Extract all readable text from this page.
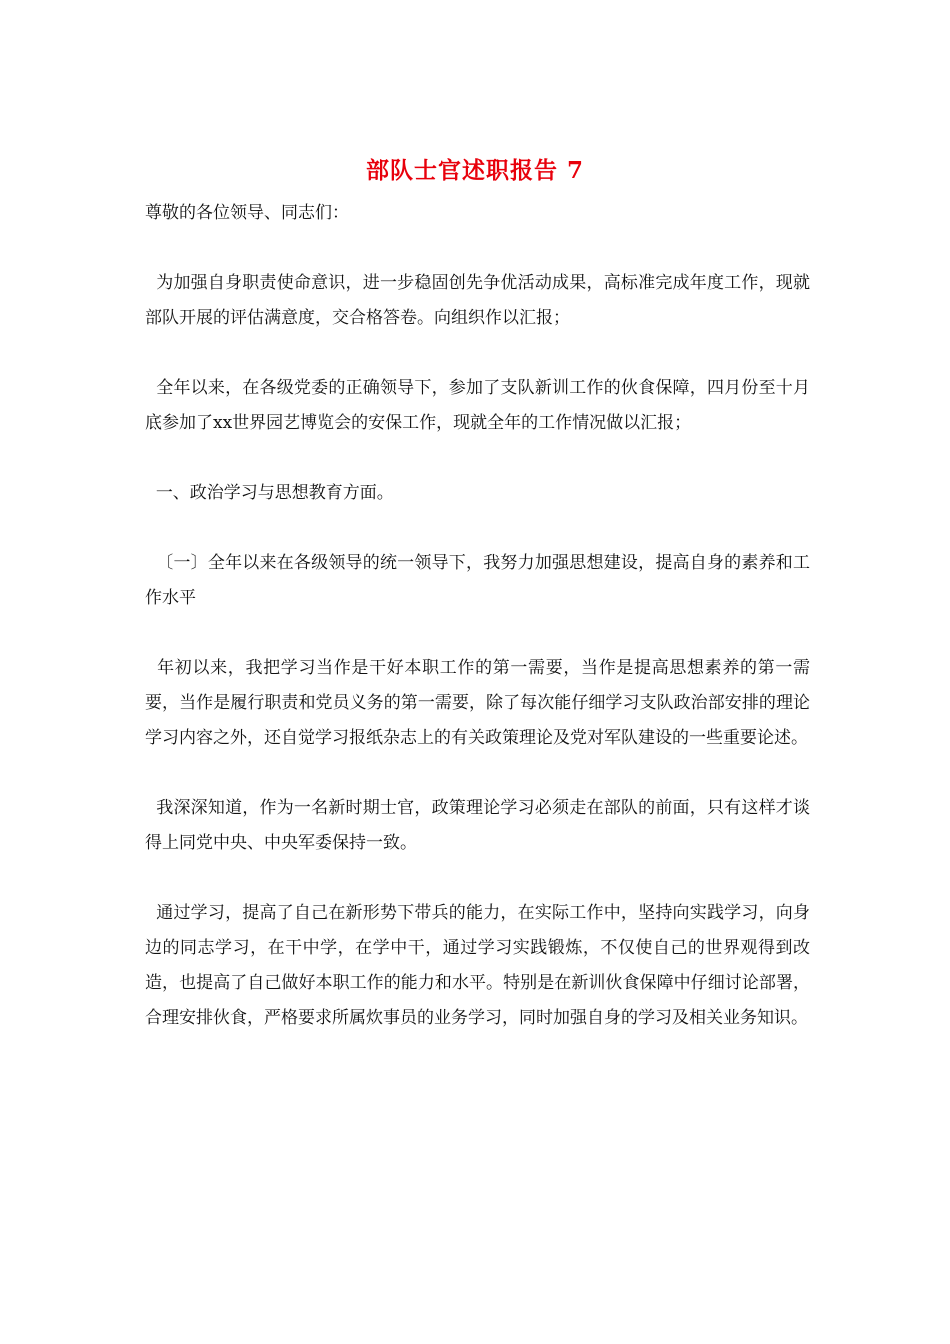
部队士官述职报告 7

尊敬的各位领导、同志们：

为加强自身职责使命意识，进一步稳固创先争优活动成果，高标准完成年度工作，现就部队开展的评估满意度，交合格答卷。向组织作以汇报；

全年以来，在各级党委的正确领导下，参加了支队新训工作的伙食保障，四月份至十月底参加了xx世界园艺博览会的安保工作，现就全年的工作情况做以汇报；

一、政治学习与思想教育方面。

〔一〕全年以来在各级领导的统一领导下，我努力加强思想建设，提高自身的素养和工作水平

年初以来，我把学习当作是干好本职工作的第一需要，当作是提高思想素养的第一需要，当作是履行职责和党员义务的第一需要，除了每次能仔细学习支队政治部安排的理论学习内容之外，还自觉学习报纸杂志上的有关政策理论及党对军队建设的一些重要论述。

我深深知道，作为一名新时期士官，政策理论学习必须走在部队的前面，只有这样才谈得上同党中央、中央军委保持一致。

通过学习，提高了自己在新形势下带兵的能力，在实际工作中，坚持向实践学习，向身边的同志学习，在干中学，在学中干，通过学习实践锻炼，不仅使自己的世界观得到改造，也提高了自己做好本职工作的能力和水平。特别是在新训伙食保障中仔细讨论部署，合理安排伙食，严格要求所属炊事员的业务学习，同时加强自身的学习及相关业务知识。
